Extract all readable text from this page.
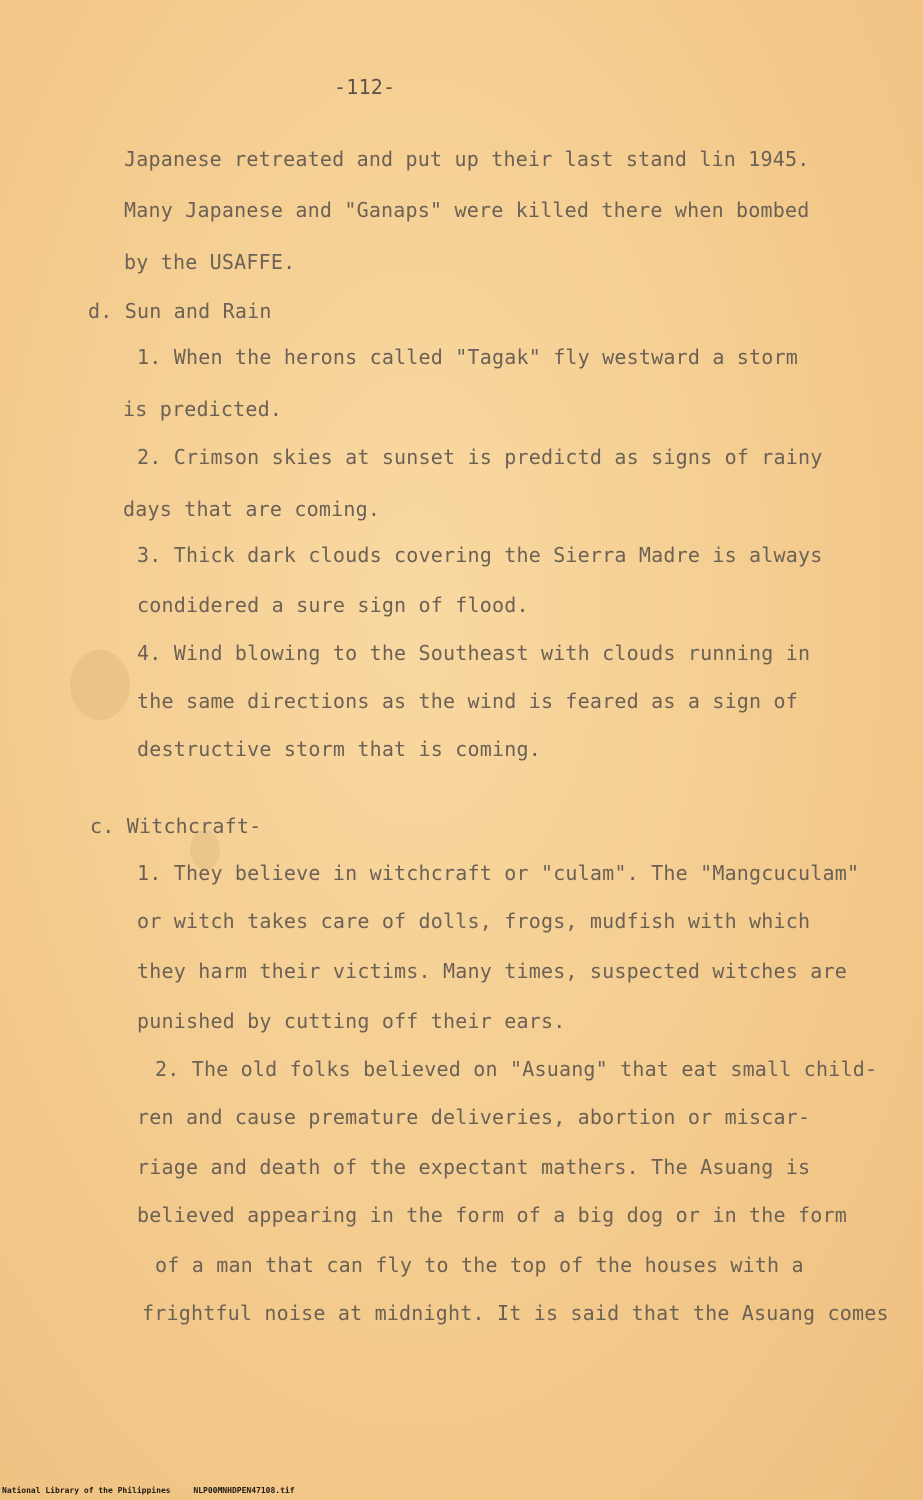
-112-
Japanese retreated and put up their last stand lin 1945.
Many Japanese and "Ganaps" were killed there when bombed
by the USAFFE.
d. Sun and Rain
1. When the herons called "Tagak" fly westward a storm
is predicted.
2. Crimson skies at sunset is predictd as signs of rainy
days that are coming.
3. Thick dark clouds covering the Sierra Madre is always
condidered a sure sign of flood.
4. Wind blowing to the Southeast with clouds running in
the same directions as the wind is feared as a sign of
destructive storm that is coming.
c. Witchcraft-
1. They believe in witchcraft or "culam". The "Mangcuculam"
or witch takes care of dolls, frogs, mudfish with which
they harm their victims. Many times, suspected witches are
punished by cutting off their ears.
2. The old folks believed on "Asuang" that eat small child-
ren and cause premature deliveries, abortion or miscar-
riage and death of the expectant mathers. The Asuang is
believed appearing in the form of a big dog or in the form
of a man that can fly to the top of the houses with a
frightful noise at midnight. It is said that the Asuang comes
National Library of the Philippines	NLP00MNHDPEN47108.tif
